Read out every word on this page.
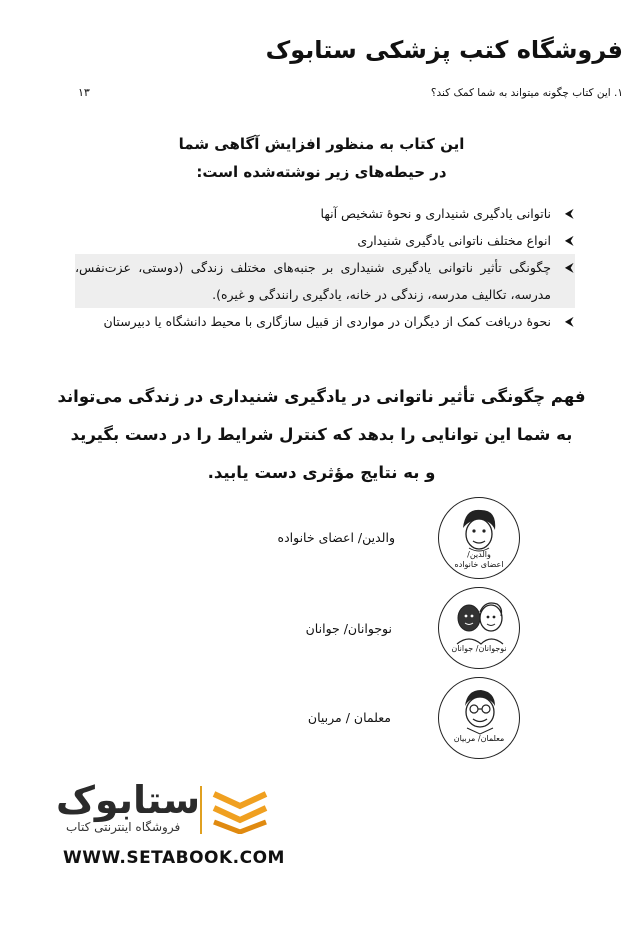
فروشگاه کتب پزشکی ستابوک
۱. این کتاب چگونه میتواند به شما کمک کند؟
۱۳
این کتاب به منظور افزایش آگاهی شما
در حیطه‌های زیر نوشته‌شده است:
⮜
ناتوانی یادگیری شنیداری و نحوهٔ تشخیص آنها
⮜
انواع مختلف ناتوانی یادگیری شنیداری
⮜
چگونگی تأثیر ناتوانی یادگیری شنیداری بر جنبه‌های مختلف زندگی (دوستی، عزت‌نفس، مدرسه، تکالیف مدرسه، زندگی در خانه، یادگیری رانندگی و غیره).
⮜
نحوهٔ دریافت کمک از دیگران در مواردی از قبیل سازگاری با محیط دانشگاه یا دبیرستان
فهم چگونگی تأثیر ناتوانی در یادگیری شنیداری در زندگی می‌تواند
به شما این توانایی را بدهد که کنترل شرایط را در دست بگیرید
و به نتایج مؤثری دست یابید.
والدین/
اعضای خانواده
والدین/ اعضای خانواده
نوجوانان/ جوانان
نوجوانان/ جوانان
معلمان/ مربیان
معلمان / مربیان
ستابوک
فروشگاه اینترنتی کتاب
WWW.SETABOOK.COM
